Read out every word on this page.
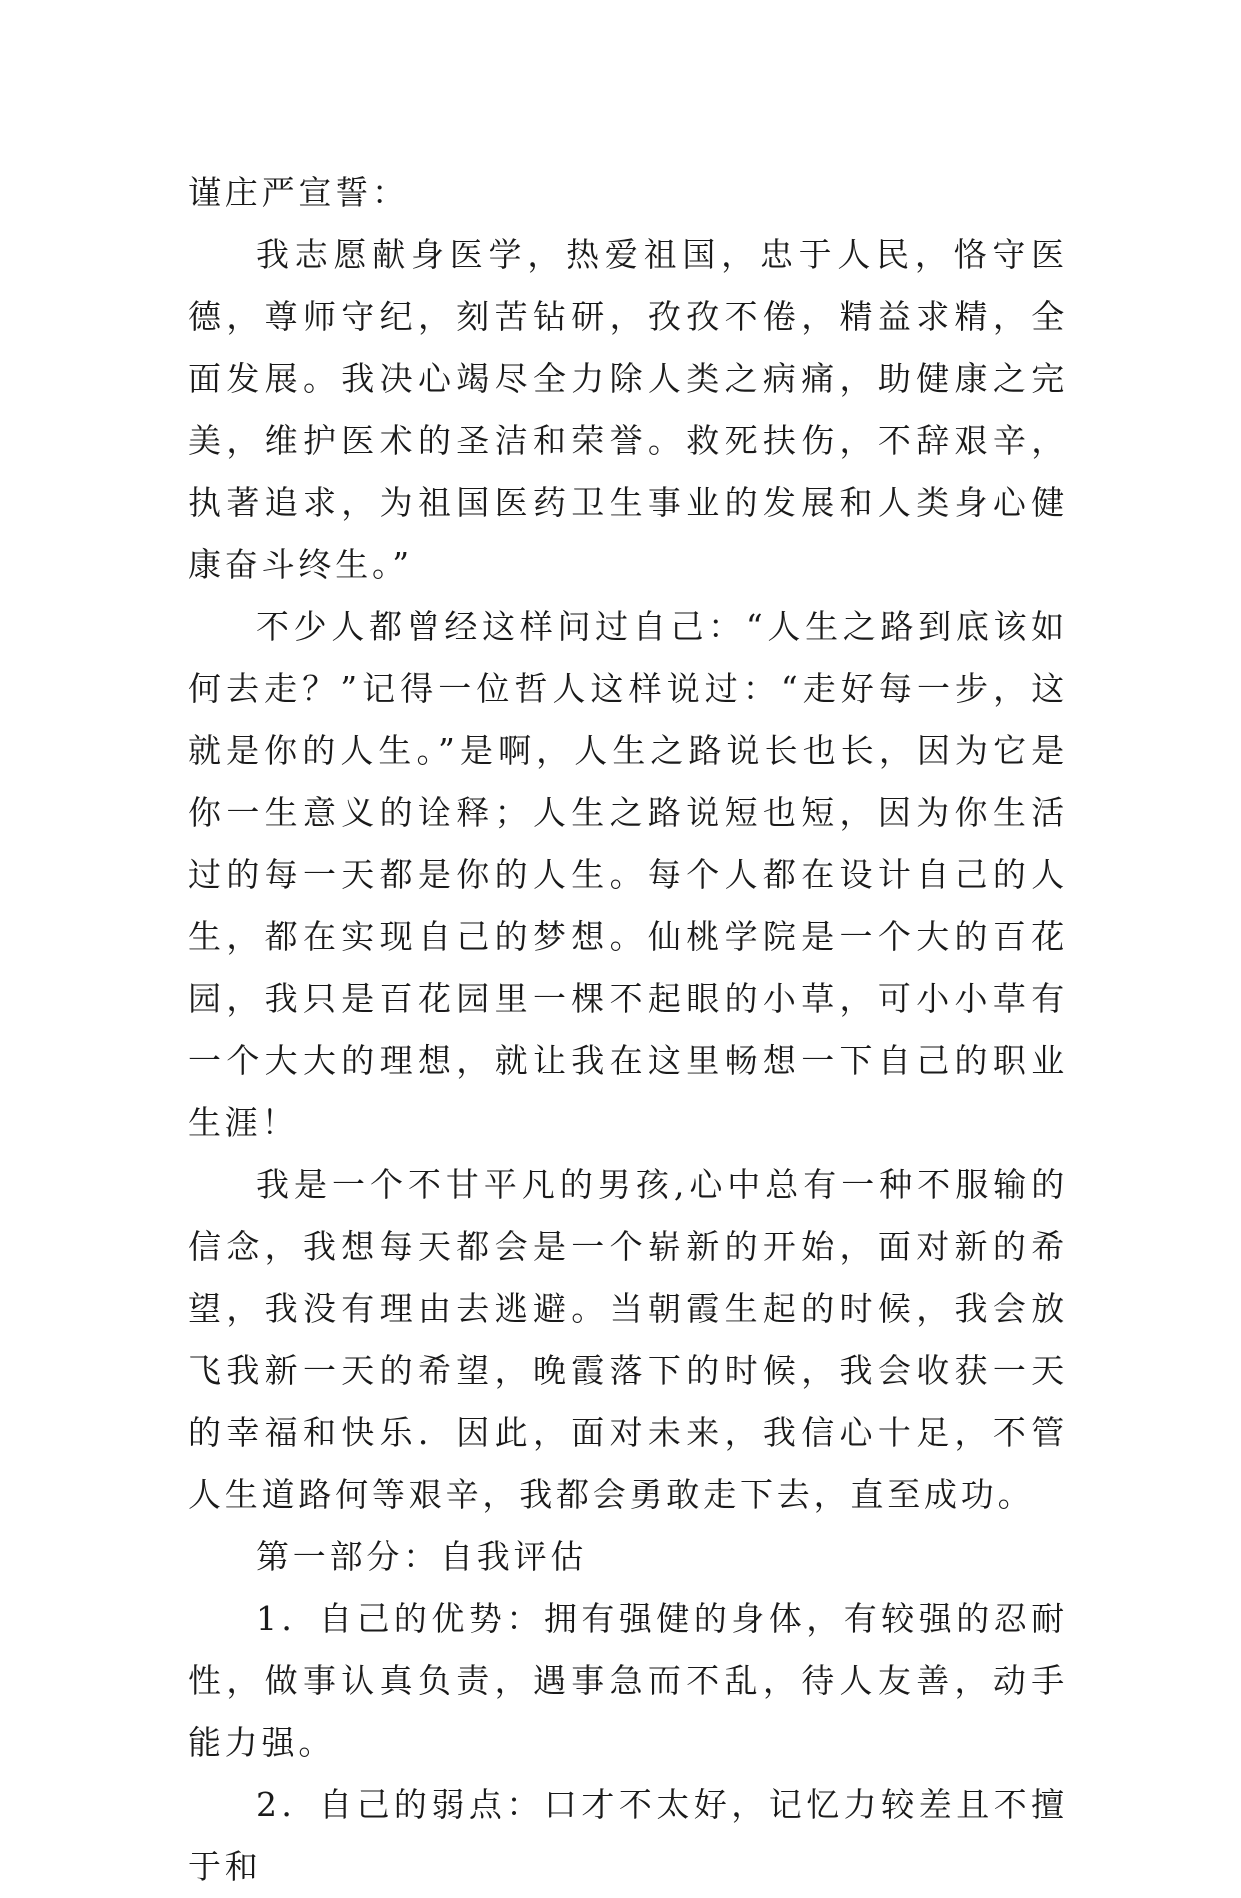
谨庄严宣誓：

我志愿献身医学，热爱祖国，忠于人民，恪守医德，尊师守纪，刻苦钻研，孜孜不倦，精益求精，全面发展。我决心竭尽全力除人类之病痛，助健康之完美，维护医术的圣洁和荣誉。救死扶伤，不辞艰辛，执著追求，为祖国医药卫生事业的发展和人类身心健康奋斗终生。”

不少人都曾经这样问过自己：“人生之路到底该如何去走？”记得一位哲人这样说过：“走好每一步，这就是你的人生。”是啊，人生之路说长也长，因为它是你一生意义的诠释；人生之路说短也短，因为你生活过的每一天都是你的人生。每个人都在设计自己的人生，都在实现自己的梦想。仙桃学院是一个大的百花园，我只是百花园里一棵不起眼的小草，可小小草有一个大大的理想，就让我在这里畅想一下自己的职业生涯！

我是一个不甘平凡的男孩,心中总有一种不服输的信念，我想每天都会是一个崭新的开始，面对新的希望，我没有理由去逃避。当朝霞生起的时候，我会放飞我新一天的希望，晚霞落下的时候，我会收获一天的幸福和快乐．因此，面对未来，我信心十足，不管人生道路何等艰辛，我都会勇敢走下去，直至成功。

第一部分：自我评估

1．自己的优势：拥有强健的身体，有较强的忍耐性，做事认真负责，遇事急而不乱，待人友善，动手能力强。

2．自己的弱点：口才不太好，记忆力较差且不擅于和
